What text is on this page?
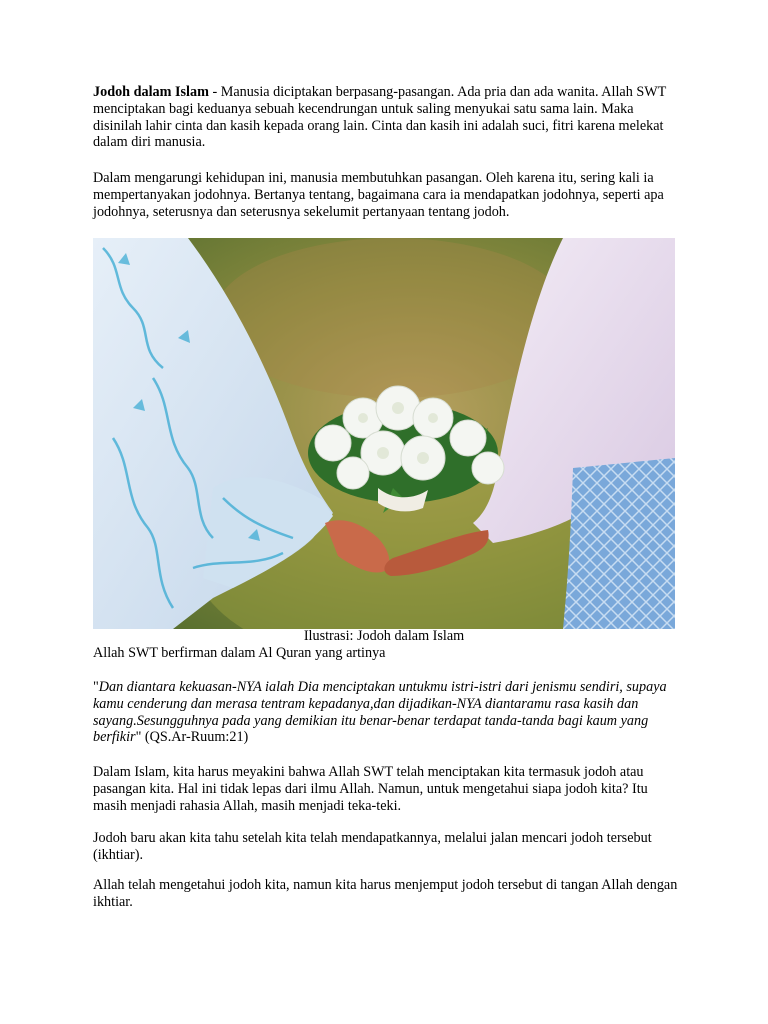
Jodoh dalam Islam - Manusia diciptakan berpasang-pasangan. Ada pria dan ada wanita. Allah SWT menciptakan bagi keduanya sebuah kecendrungan untuk saling menyukai satu sama lain. Maka disinilah lahir cinta dan kasih kepada orang lain. Cinta dan kasih ini adalah suci, fitri karena melekat dalam diri manusia.

Dalam mengarungi kehidupan ini, manusia membutuhkan pasangan. Oleh karena itu, sering kali ia mempertanyakan jodohnya. Bertanya tentang, bagaimana cara ia mendapatkan jodohnya, seperti apa jodohnya, seterusnya dan seterusnya sekelumit pertanyaan tentang jodoh.

Ilustrasi: Jodoh dalam Islam

Allah SWT berfirman dalam Al Quran yang artinya

"Dan diantara kekuasan-NYA ialah Dia menciptakan untukmu istri-istri dari jenismu sendiri, supaya kamu cenderung dan merasa tentram kepadanya,dan dijadikan-NYA diantaramu rasa kasih dan sayang.Sesungguhnya pada yang demikian itu benar-benar terdapat tanda-tanda bagi kaum yang berfikir" (QS.Ar-Ruum:21)

Dalam Islam, kita harus meyakini bahwa Allah SWT telah menciptakan kita termasuk jodoh atau pasangan kita. Hal ini tidak lepas dari ilmu Allah. Namun, untuk mengetahui siapa jodoh kita? Itu masih menjadi rahasia Allah, masih menjadi teka-teki.

Jodoh baru akan kita tahu setelah kita telah mendapatkannya, melalui jalan mencari jodoh tersebut (ikhtiar).

Allah telah mengetahui jodoh kita, namun kita harus menjemput jodoh tersebut di tangan Allah dengan ikhtiar.
